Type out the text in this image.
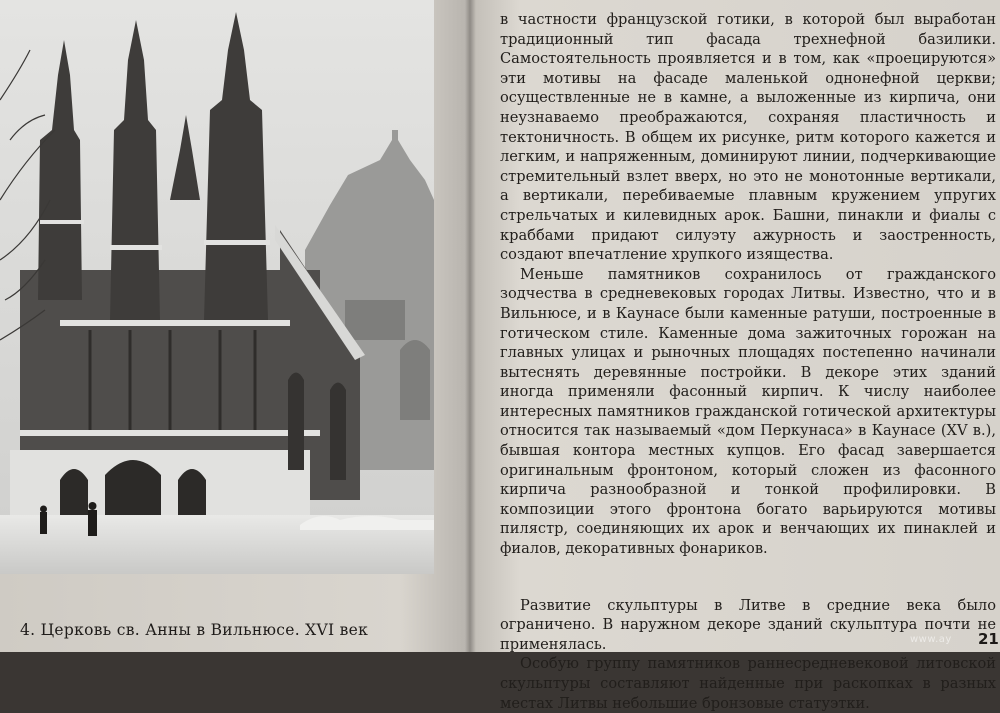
4. Церковь св. Анны в Вильнюсе. XVI век

в частности французской готики, в которой был выработан традиционный тип фасада трехнефной базилики. Самостоятельность проявляется и в том, как «проецируются» эти мотивы на фасаде маленькой однонефной церкви; осуществленные не в камне, а выложенные из кирпича, они неузнаваемо преображаются, сохраняя пластичность и тектоничность. В общем их рисунке, ритм которого кажется и легким, и напряженным, доминируют линии, подчеркивающие стремительный взлет вверх, но это не монотонные вертикали, а вертикали, перебиваемые плавным кружением упругих стрельчатых и килевидных арок. Башни, пинакли и фиалы с краббами придают силуэту ажурность и заостренность, создают впечатление хрупкого изящества.

Меньше памятников сохранилось от гражданского зодчества в средневековых городах Литвы. Известно, что и в Вильнюсе, и в Каунасе были каменные ратуши, построенные в готическом стиле. Каменные дома зажиточных горожан на главных улицах и рыночных площадях постепенно начинали вытеснять деревянные постройки. В декоре этих зданий иногда применяли фасонный кирпич. К числу наиболее интересных памятников гражданской готической архитектуры относится так называемый «дом Перкунаса» в Каунасе (XV в.), бывшая контора местных купцов. Его фасад завершается оригинальным фронтоном, который сложен из фасонного кирпича разнообразной и тонкой профилировки. В композиции этого фронтона богато варьируются мотивы пилястр, соединяющих их арок и венчающих их пинаклей и фиалов, декоративных фонариков.

Развитие скульптуры в Литве в средние века было ограничено. В наружном декоре зданий скульптура почти не применялась.

Особую группу памятников раннесредневековой литовской скульптуры составляют найденные при раскопках в разных местах Литвы небольшие бронзовые статуэтки.

www.ay 21
